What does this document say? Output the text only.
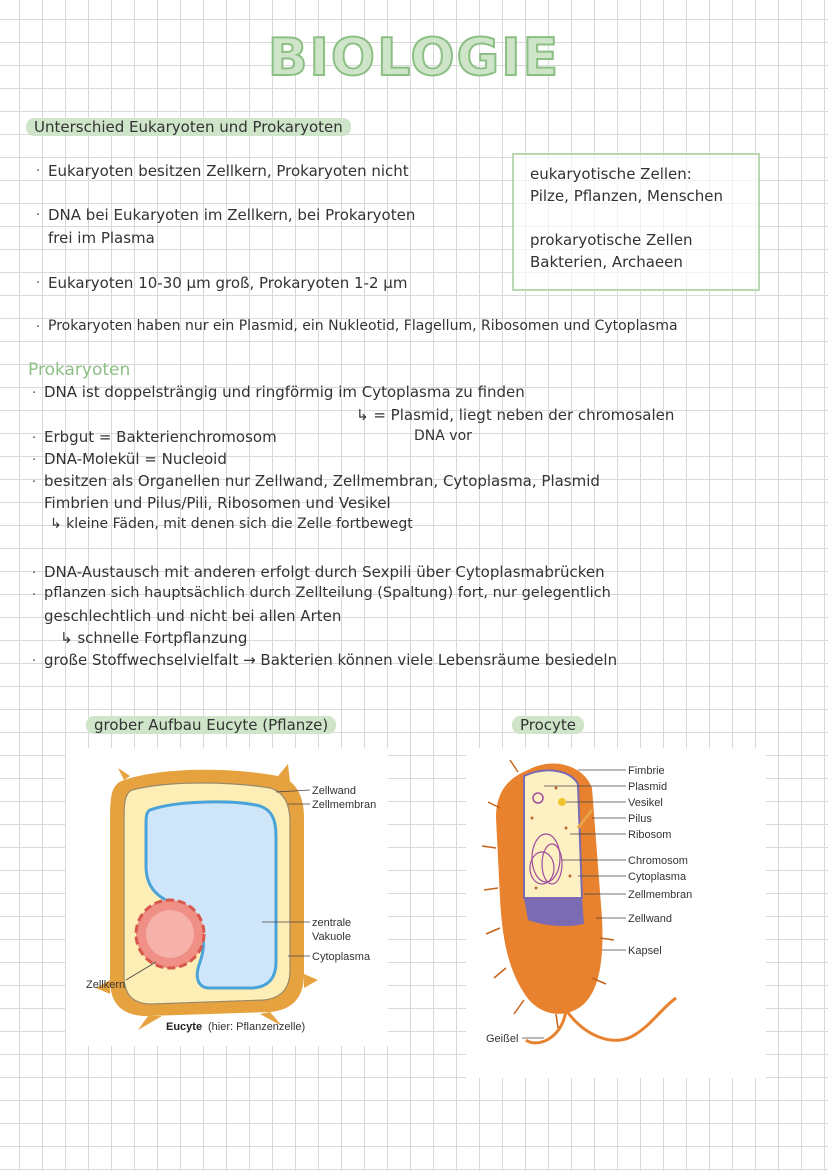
BIOLOGIE
Unterschied Eukaryoten und Prokaryoten
· Eukaryoten besitzen Zellkern, Prokaryoten nicht
· DNA bei Eukaryoten im Zellkern, bei Prokaryoten
frei im Plasma
· Eukaryoten 10-30 µm groß, Prokaryoten 1-2 µm
· Prokaryoten haben nur ein Plasmid, ein Nukleotid, Flagellum, Ribosomen und Cytoplasma

eukaryotische Zellen:

Pilze, Pflanzen, Menschen

prokaryotische Zellen

Bakterien, Archaeen

Prokaryoten
· DNA ist doppelsträngig und ringförmig im Cytoplasma zu finden
↳ = Plasmid, liegt neben der chromosalen
DNA vor
· Erbgut = Bakterienchromosom
· DNA-Molekül = Nucleoid
· besitzen als Organellen nur Zellwand, Zellmembran, Cytoplasma, Plasmid
Fimbrien und Pilus/Pili, Ribosomen und Vesikel
↳ kleine Fäden, mit denen sich die Zelle fortbewegt
· DNA-Austausch mit anderen erfolgt durch Sexpili über Cytoplasmabrücken
· pflanzen sich hauptsächlich durch Zellteilung (Spaltung) fort, nur gelegentlich
geschlechtlich und nicht bei allen Arten
↳ schnelle Fortpflanzung
· große Stoffwechselvielfalt → Bakterien können viele Lebensräume besiedeln
grober Aufbau Eucyte (Pflanze)	Procyte
Zellwand
Zellmembran
zentrale
Vakuole
Cytoplasma
Zellkern
Eucyte (hier: Pflanzenzelle)
Fimbrie
Plasmid
Vesikel
Pilus
Ribosom
Chromosom
Cytoplasma
Zellmembran
Zellwand
Kapsel
Geißel
